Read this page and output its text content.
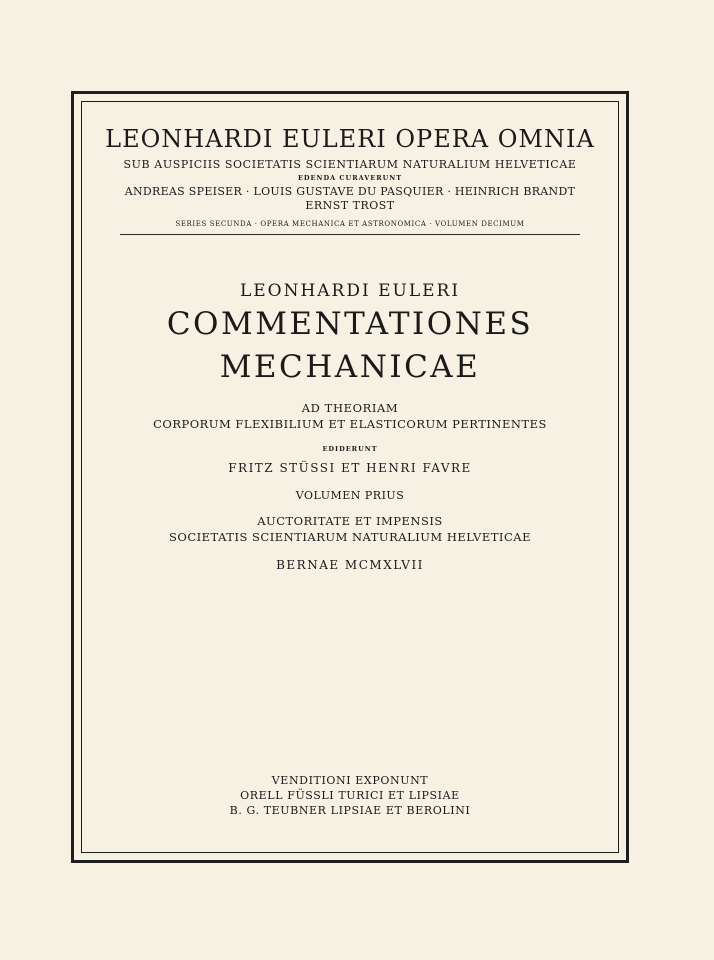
LEONHARDI EULERI OPERA OMNIA
SUB AUSPICIIS SOCIETATIS SCIENTIARUM NATURALIUM HELVETICAE
EDENDA CURAVERUNT
ANDREAS SPEISER · LOUIS GUSTAVE DU PASQUIER · HEINRICH BRANDT
ERNST TROST
SERIES SECUNDA · OPERA MECHANICA ET ASTRONOMICA · VOLUMEN DECIMUM
LEONHARDI EULERI
COMMENTATIONES
MECHANICAE
AD THEORIAM
CORPORUM FLEXIBILIUM ET ELASTICORUM PERTINENTES
EDIDERUNT
FRITZ STÜSSI ET HENRI FAVRE
VOLUMEN PRIUS
AUCTORITATE ET IMPENSIS
SOCIETATIS SCIENTIARUM NATURALIUM HELVETICAE
BERNAE MCMXLVII
VENDITIONI EXPONUNT
ORELL FÜSSLI TURICI ET LIPSIAE
B. G. TEUBNER LIPSIAE ET BEROLINI
